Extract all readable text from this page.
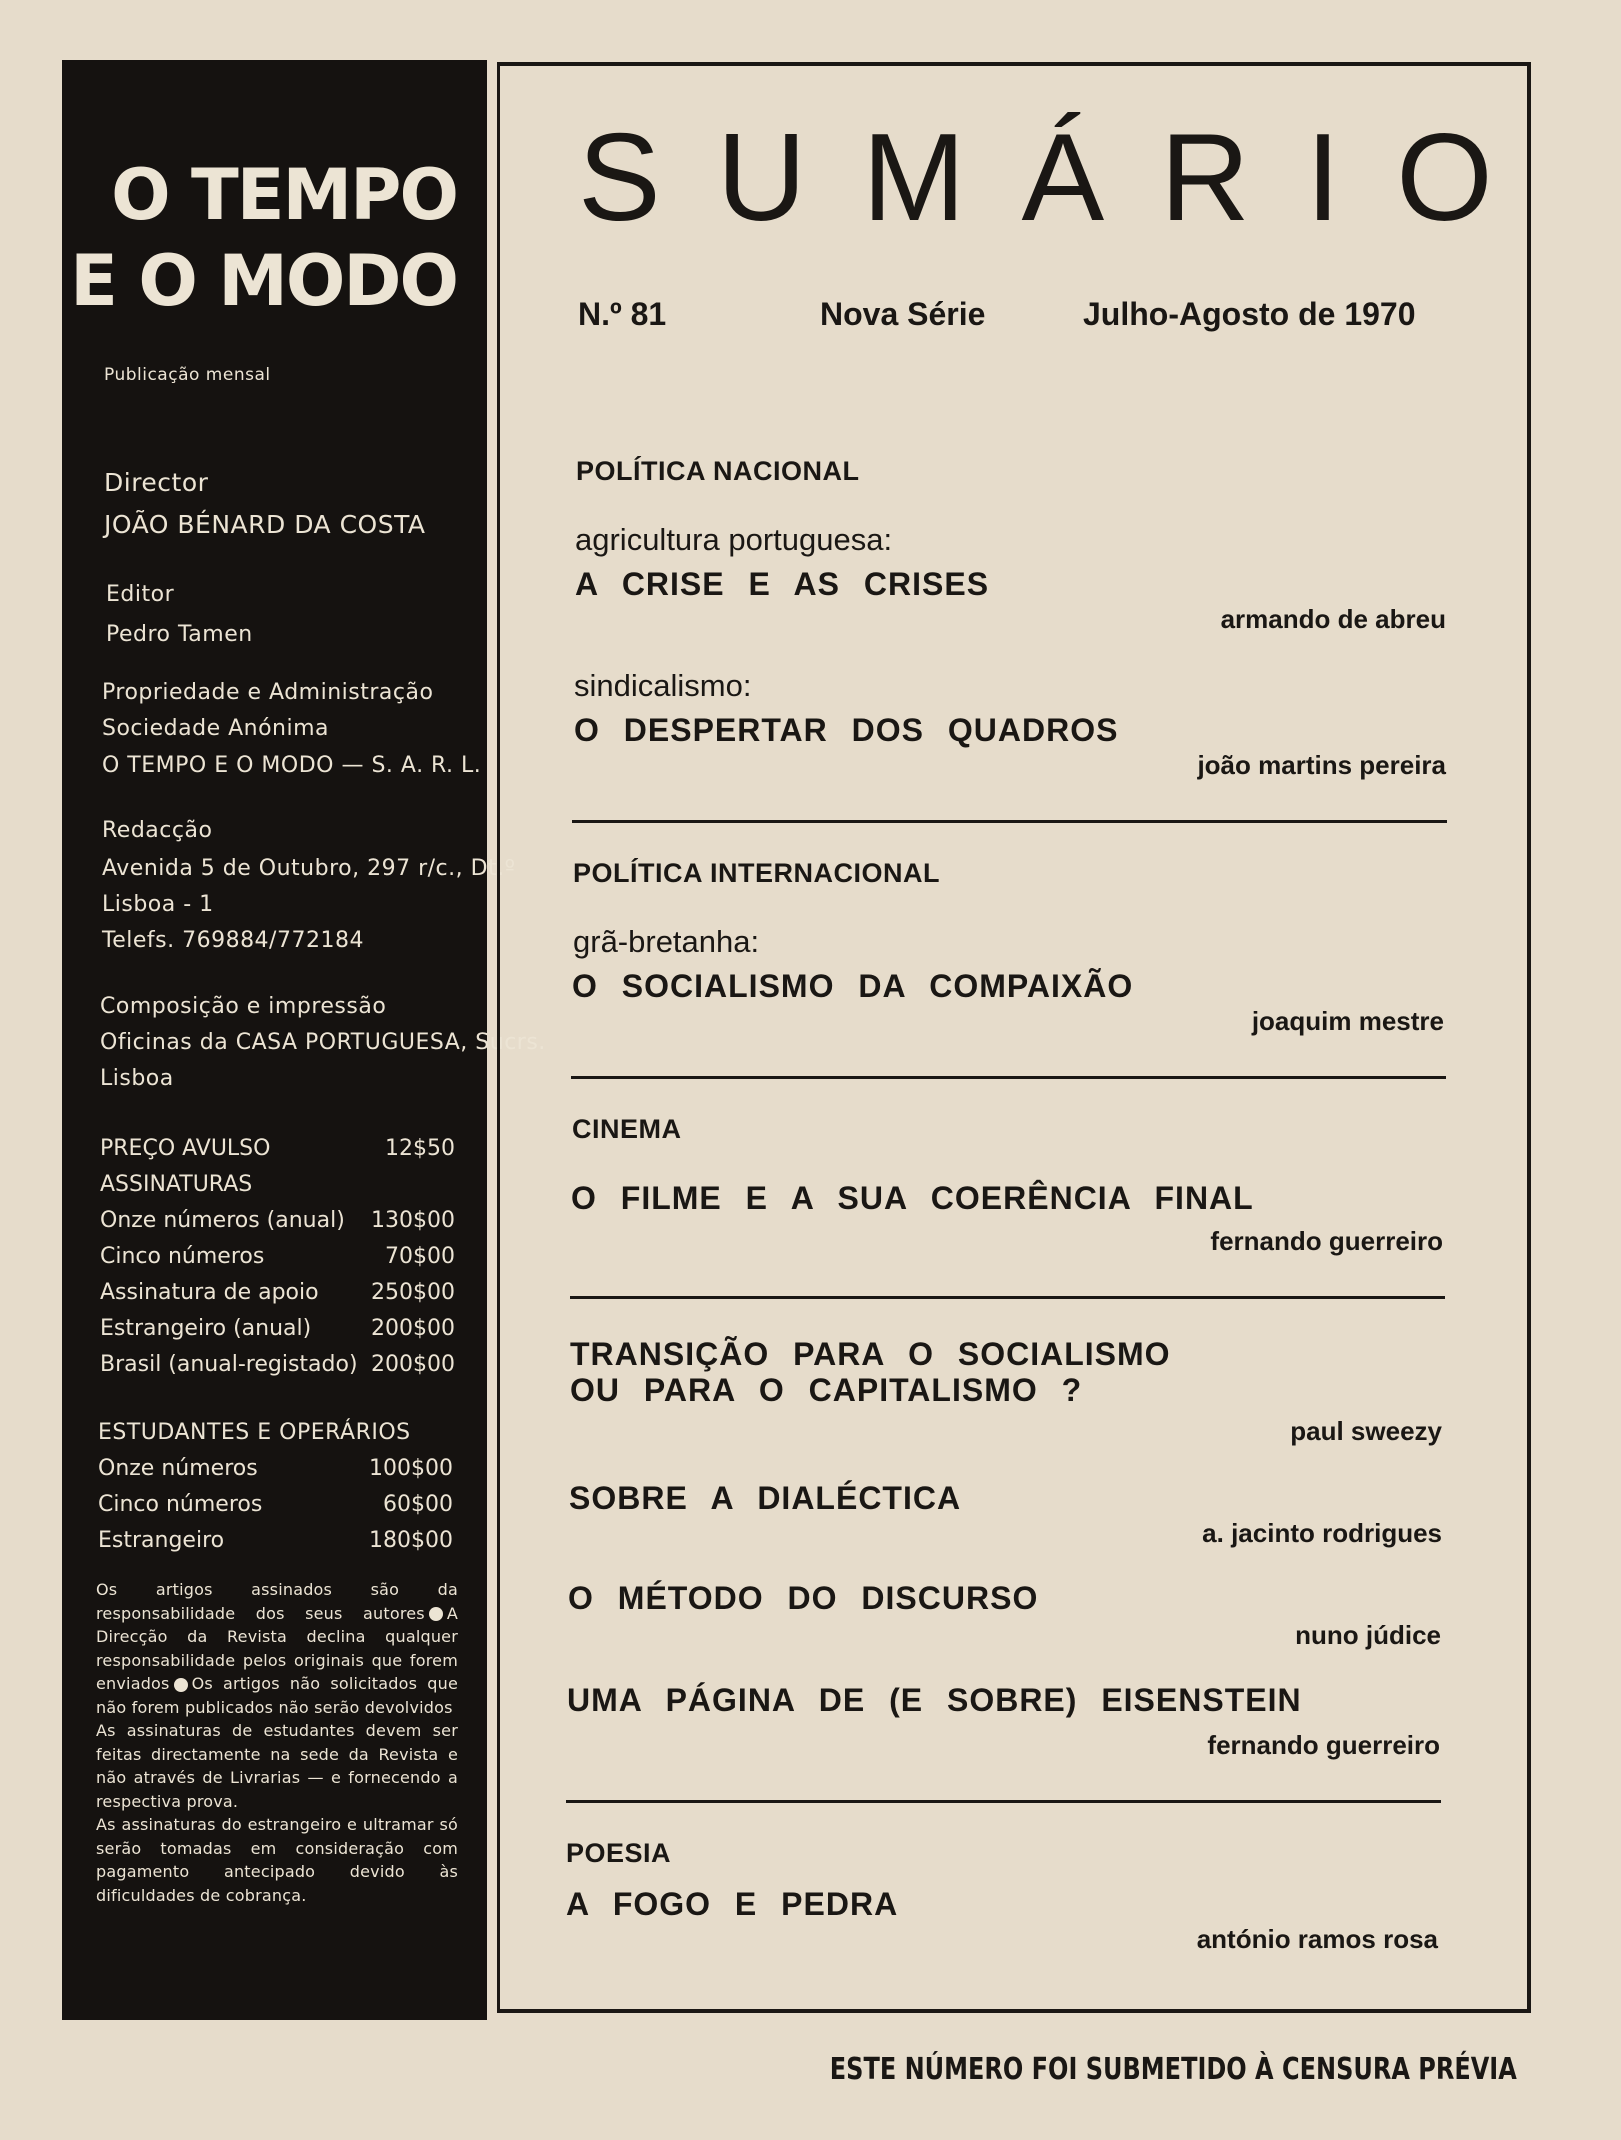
O TEMPO
E O MODO
Publicação mensal
Director
JOÃO BÉNARD DA COSTA
Editor
Pedro Tamen
Propriedade e Administração
Sociedade Anónima
O TEMPO E O MODO — S. A. R. L.
Redacção
Avenida 5 de Outubro, 297 r/c., Dt.º
Lisboa - 1
Telefs. 769884/772184
Composição e impressão
Oficinas da CASA PORTUGUESA, Sucrs.
Lisboa
PREÇO AVULSO	12$50
ASSINATURAS
Onze números (anual) 130$00
Cinco números	70$00
Assinatura de apoio 250$00
Estrangeiro (anual)	200$00
Brasil (anual-registado) 200$00
ESTUDANTES E OPERÁRIOS
Onze números	100$00
Cinco números	60$00
Estrangeiro	180$00

Os artigos assinados são da responsabilidade dos seus autores A Direcção da Revista declina qualquer responsabilidade pelos originais que forem enviados Os artigos não solicitados que não forem publicados não serão devolvidos

As assinaturas de estudantes devem ser feitas directamente na sede da Revista e não através de Livrarias — e fornecendo a respectiva prova.

As assinaturas do estrangeiro e ultramar só serão tomadas em consideração com pagamento antecipado devido às dificuldades de cobrança.

SUMÁRIO
N.º 81	Nova Série	Julho-Agosto de 1970
POLÍTICA NACIONAL
agricultura portuguesa:
A CRISE E AS CRISES
armando de abreu
sindicalismo:
O DESPERTAR DOS QUADROS
joão martins pereira
POLÍTICA INTERNACIONAL
grã-bretanha:
O SOCIALISMO DA COMPAIXÃO
joaquim mestre
CINEMA
O FILME E A SUA COERÊNCIA FINAL
fernando guerreiro
TRANSIÇÃO PARA O SOCIALISMO
OU PARA O CAPITALISMO ?
paul sweezy
SOBRE A DIALÉCTICA
a. jacinto rodrigues
O MÉTODO DO DISCURSO
nuno júdice
UMA PÁGINA DE (E SOBRE) EISENSTEIN
fernando guerreiro
POESIA
A FOGO E PEDRA
antónio ramos rosa
ESTE NÚMERO FOI SUBMETIDO À CENSURA PRÉVIA
